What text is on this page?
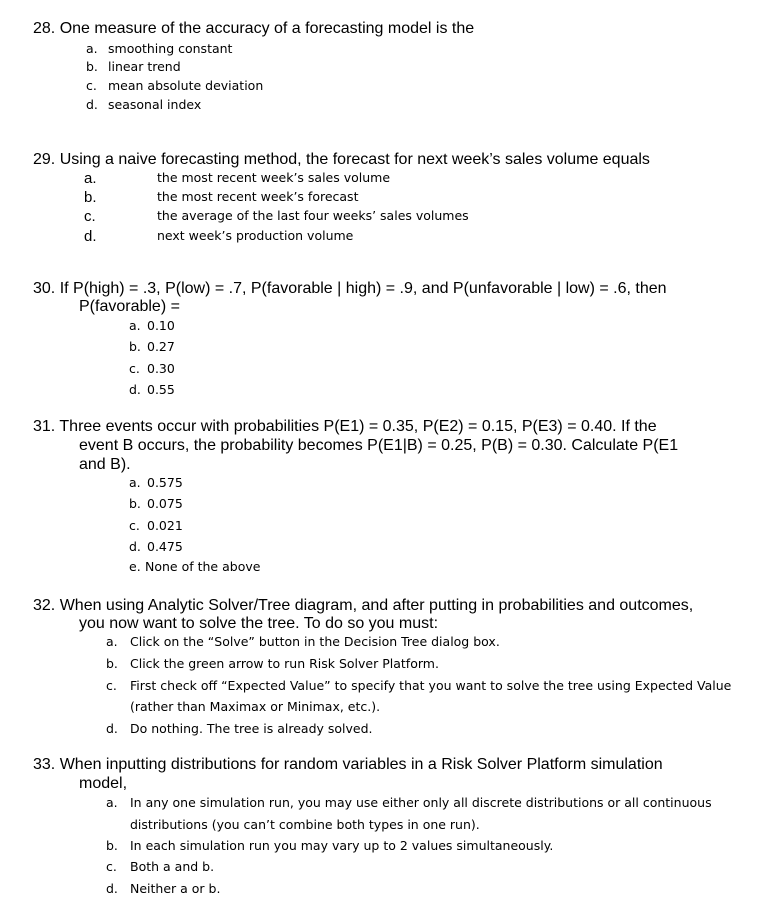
28. One measure of the accuracy of a forecasting model is the
a. smoothing constant
b. linear trend
c. mean absolute deviation
d. seasonal index
29. Using a naive forecasting method, the forecast for next week’s sales volume equals
a.	the most recent week’s sales volume
b.	the most recent week’s forecast
c.	the average of the last four weeks’ sales volumes
d.	next week’s production volume
30. If P(high) = .3, P(low) = .7, P(favorable | high) = .9, and P(unfavorable | low) = .6, then
P(favorable) =
a. 0.10
b. 0.27
c. 0.30
d. 0.55
31. Three events occur with probabilities P(E1) = 0.35, P(E2) = 0.15, P(E3) = 0.40. If the
event B occurs, the probability becomes P(E1|B) = 0.25, P(B) = 0.30. Calculate P(E1
and B).
a. 0.575
b. 0.075
c. 0.021
d. 0.475
e. None of the above
32. When using Analytic Solver/Tree diagram, and after putting in probabilities and outcomes,
you now want to solve the tree. To do so you must:
a. Click on the “Solve” button in the Decision Tree dialog box.
b. Click the green arrow to run Risk Solver Platform.
c. First check off “Expected Value” to specify that you want to solve the tree using Expected Value
(rather than Maximax or Minimax, etc.).
d. Do nothing. The tree is already solved.
33. When inputting distributions for random variables in a Risk Solver Platform simulation
model,
a. In any one simulation run, you may use either only all discrete distributions or all continuous
distributions (you can’t combine both types in one run).
b. In each simulation run you may vary up to 2 values simultaneously.
c. Both a and b.
d. Neither a or b.
